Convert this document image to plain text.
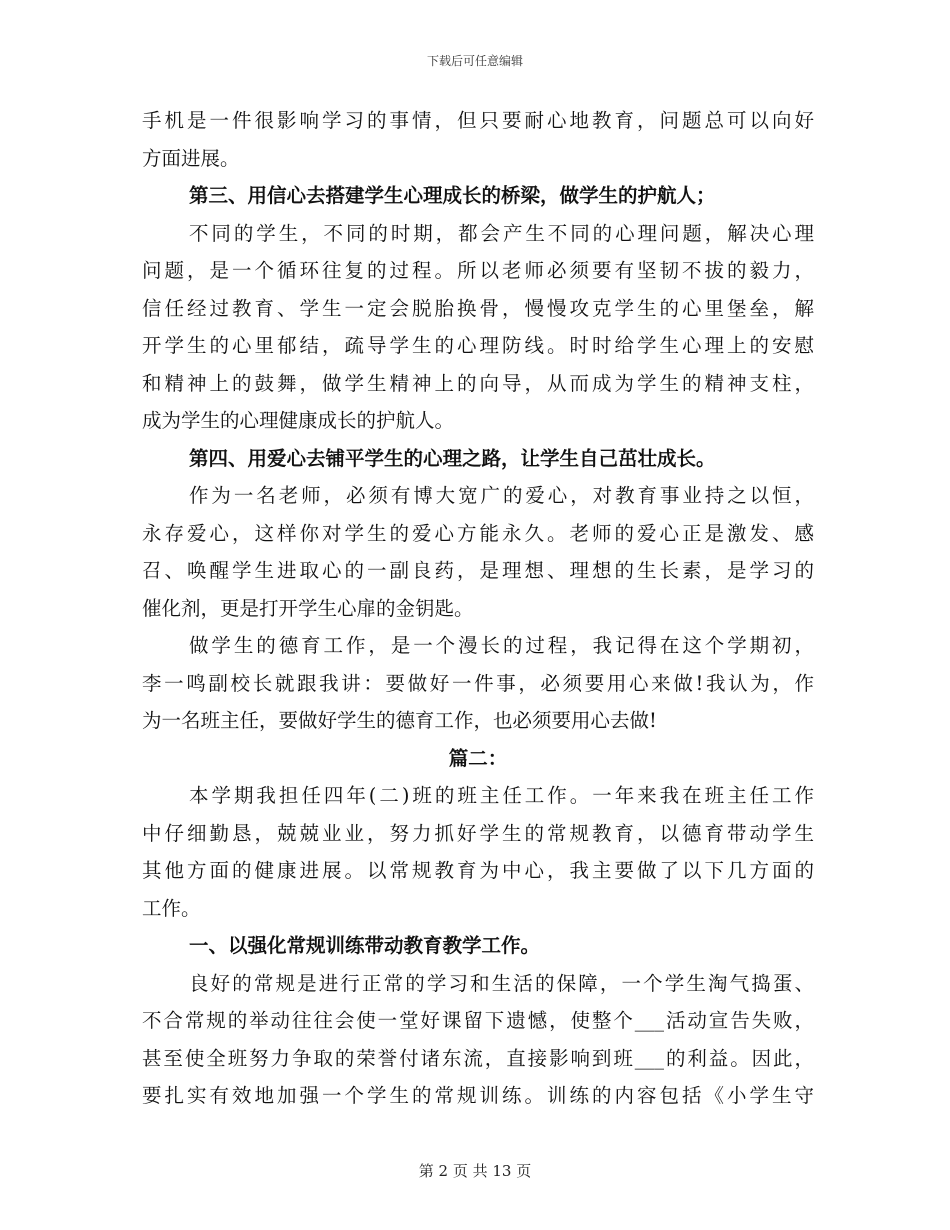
下载后可任意编辑
手机是一件很影响学习的事情，但只要耐心地教育，问题总可以向好
方面进展。
第三、用信心去搭建学生心理成长的桥梁，做学生的护航人；
不同的学生，不同的时期，都会产生不同的心理问题，解决心理
问题，是一个循环往复的过程。所以老师必须要有坚韧不拔的毅力，
信任经过教育、学生一定会脱胎换骨，慢慢攻克学生的心里堡垒，解
开学生的心里郁结，疏导学生的心理防线。时时给学生心理上的安慰
和精神上的鼓舞，做学生精神上的向导，从而成为学生的精神支柱，
成为学生的心理健康成长的护航人。
第四、用爱心去铺平学生的心理之路，让学生自己茁壮成长。
作为一名老师，必须有博大宽广的爱心，对教育事业持之以恒，
永存爱心，这样你对学生的爱心方能永久。老师的爱心正是激发、感
召、唤醒学生进取心的一副良药，是理想、理想的生长素，是学习的
催化剂，更是打开学生心扉的金钥匙。
做学生的德育工作，是一个漫长的过程，我记得在这个学期初，
李一鸣副校长就跟我讲：要做好一件事，必须要用心来做!我认为，作
为一名班主任，要做好学生的德育工作，也必须要用心去做!
篇二：
本学期我担任四年(二)班的班主任工作。一年来我在班主任工作
中仔细勤恳，兢兢业业，努力抓好学生的常规教育，以德育带动学生
其他方面的健康进展。以常规教育为中心，我主要做了以下几方面的
工作。
一、以强化常规训练带动教育教学工作。
良好的常规是进行正常的学习和生活的保障，一个学生淘气捣蛋、
不合常规的举动往往会使一堂好课留下遗憾，使整个___活动宣告失败，
甚至使全班努力争取的荣誉付诸东流，直接影响到班___的利益。因此，
要扎实有效地加强一个学生的常规训练。训练的内容包括《小学生守
第 2 页 共 13 页
